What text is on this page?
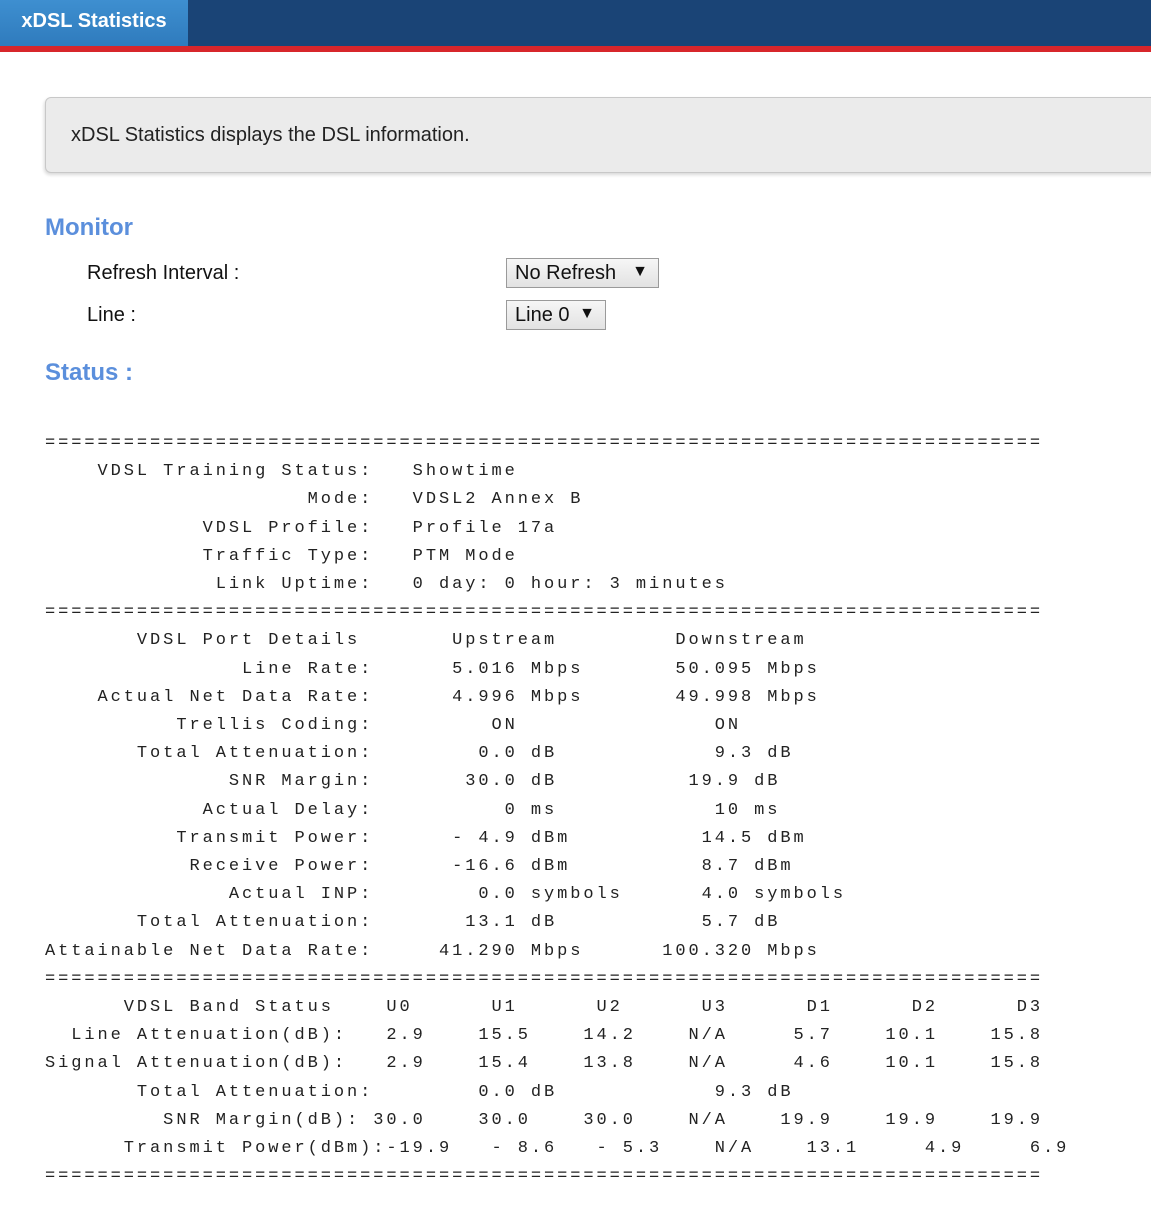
xDSL Statistics
xDSL Statistics displays the DSL information.
Monitor
Refresh Interval :	No Refresh ▼
Line :	Line 0 ▼
Status :
============================================================================
VDSL Training Status:   Showtime
Mode:   VDSL2 Annex B
VDSL Profile:   Profile 17a
Traffic Type:   PTM Mode
Link Uptime:   0 day: 0 hour: 3 minutes
============================================================================
VDSL Port Details       Upstream         Downstream
Line Rate:      5.016 Mbps       50.095 Mbps
Actual Net Data Rate:      4.996 Mbps       49.998 Mbps
Trellis Coding:         ON               ON
Total Attenuation:        0.0 dB            9.3 dB
SNR Margin:       30.0 dB          19.9 dB
Actual Delay:          0 ms            10 ms
Transmit Power:      - 4.9 dBm          14.5 dBm
Receive Power:      -16.6 dBm          8.7 dBm
Actual INP:        0.0 symbols      4.0 symbols
Total Attenuation:       13.1 dB           5.7 dB
Attainable Net Data Rate:     41.290 Mbps      100.320 Mbps
============================================================================
VDSL Band Status    U0      U1      U2      U3      D1      D2      D3
Line Attenuation(dB):   2.9    15.5    14.2    N/A     5.7    10.1    15.8
Signal Attenuation(dB):   2.9    15.4    13.8    N/A     4.6    10.1    15.8
Total Attenuation:        0.0 dB            9.3 dB
SNR Margin(dB): 30.0    30.0    30.0    N/A    19.9    19.9    19.9
Transmit Power(dBm):-19.9   - 8.6   - 5.3    N/A    13.1     4.9     6.9
============================================================================
